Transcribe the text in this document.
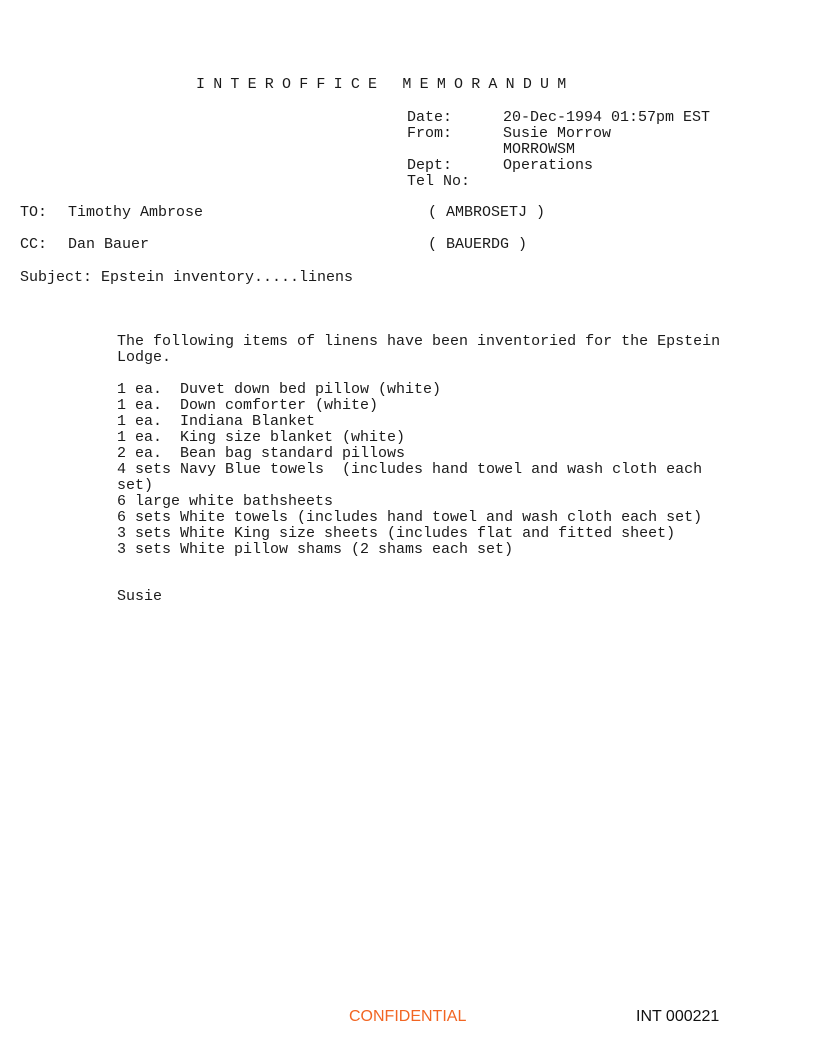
INTEROFFICE MEMORANDUM
Date:	20-Dec-1994 01:57pm EST
From:	Susie Morrow
MORROWSM
Dept:	Operations
Tel No:
TO: Timothy Ambrose	( AMBROSETJ )
CC: Dan Bauer	( BAUERDG )
Subject: Epstein inventory.....linens
The following items of linens have been inventoried for the Epstein
Lodge.
1 ea.  Duvet down bed pillow (white)
1 ea.  Down comforter (white)
1 ea.  Indiana Blanket
1 ea.  King size blanket (white)
2 ea.  Bean bag standard pillows
4 sets Navy Blue towels  (includes hand towel and wash cloth each
set)
6 large white bathsheets
6 sets White towels (includes hand towel and wash cloth each set)
3 sets White King size sheets (includes flat and fitted sheet)
3 sets White pillow shams (2 shams each set)
Susie
CONFIDENTIAL	INT 000221
